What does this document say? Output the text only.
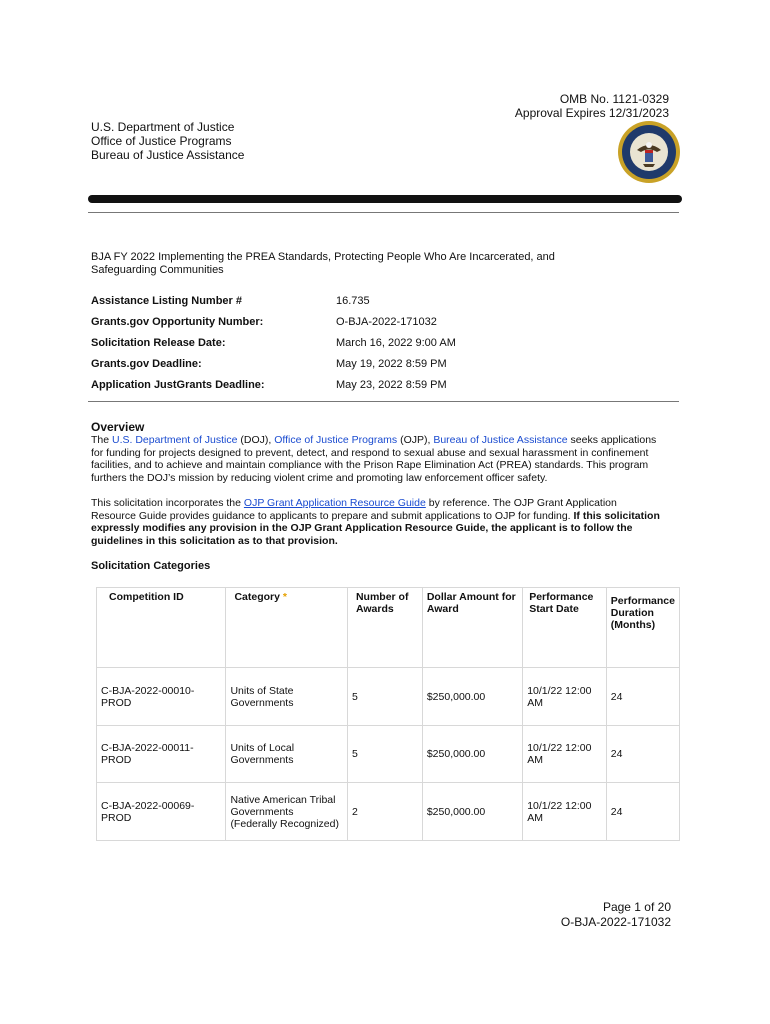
OMB No. 1121-0329
Approval Expires 12/31/2023
U.S. Department of Justice
Office of Justice Programs
Bureau of Justice Assistance
BJA FY 2022 Implementing the PREA Standards, Protecting People Who Are Incarcerated, and Safeguarding Communities
Assistance Listing Number #	16.735
Grants.gov Opportunity Number:	O-BJA-2022-171032
Solicitation Release Date:	March 16, 2022 9:00 AM
Grants.gov Deadline:	May 19, 2022 8:59 PM
Application JustGrants Deadline:	May 23, 2022 8:59 PM
Overview
The U.S. Department of Justice (DOJ), Office of Justice Programs (OJP), Bureau of Justice Assistance seeks applications for funding for projects designed to prevent, detect, and respond to sexual abuse and sexual harassment in confinement facilities, and to achieve and maintain compliance with the Prison Rape Elimination Act (PREA) standards. This program furthers the DOJ’s mission by reducing violent crime and promoting law enforcement officer safety.
This solicitation incorporates the OJP Grant Application Resource Guide by reference. The OJP Grant Application Resource Guide provides guidance to applicants to prepare and submit applications to OJP for funding. If this solicitation expressly modifies any provision in the OJP Grant Application Resource Guide, the applicant is to follow the guidelines in this solicitation as to that provision.
Solicitation Categories
Competition ID	Category *	Number of Awards	Dollar Amount for Award	Performance Start Date	Performance Duration (Months)
C-BJA-2022-00010-PROD	Units of State Governments	5	$250,000.00	10/1/22 12:00 AM	24
C-BJA-2022-00011-PROD	Units of Local Governments	5	$250,000.00	10/1/22 12:00 AM	24
C-BJA-2022-00069-PROD	Native American Tribal Governments (Federally Recognized)	2	$250,000.00	10/1/22 12:00 AM	24
Page 1 of 20
O-BJA-2022-171032
